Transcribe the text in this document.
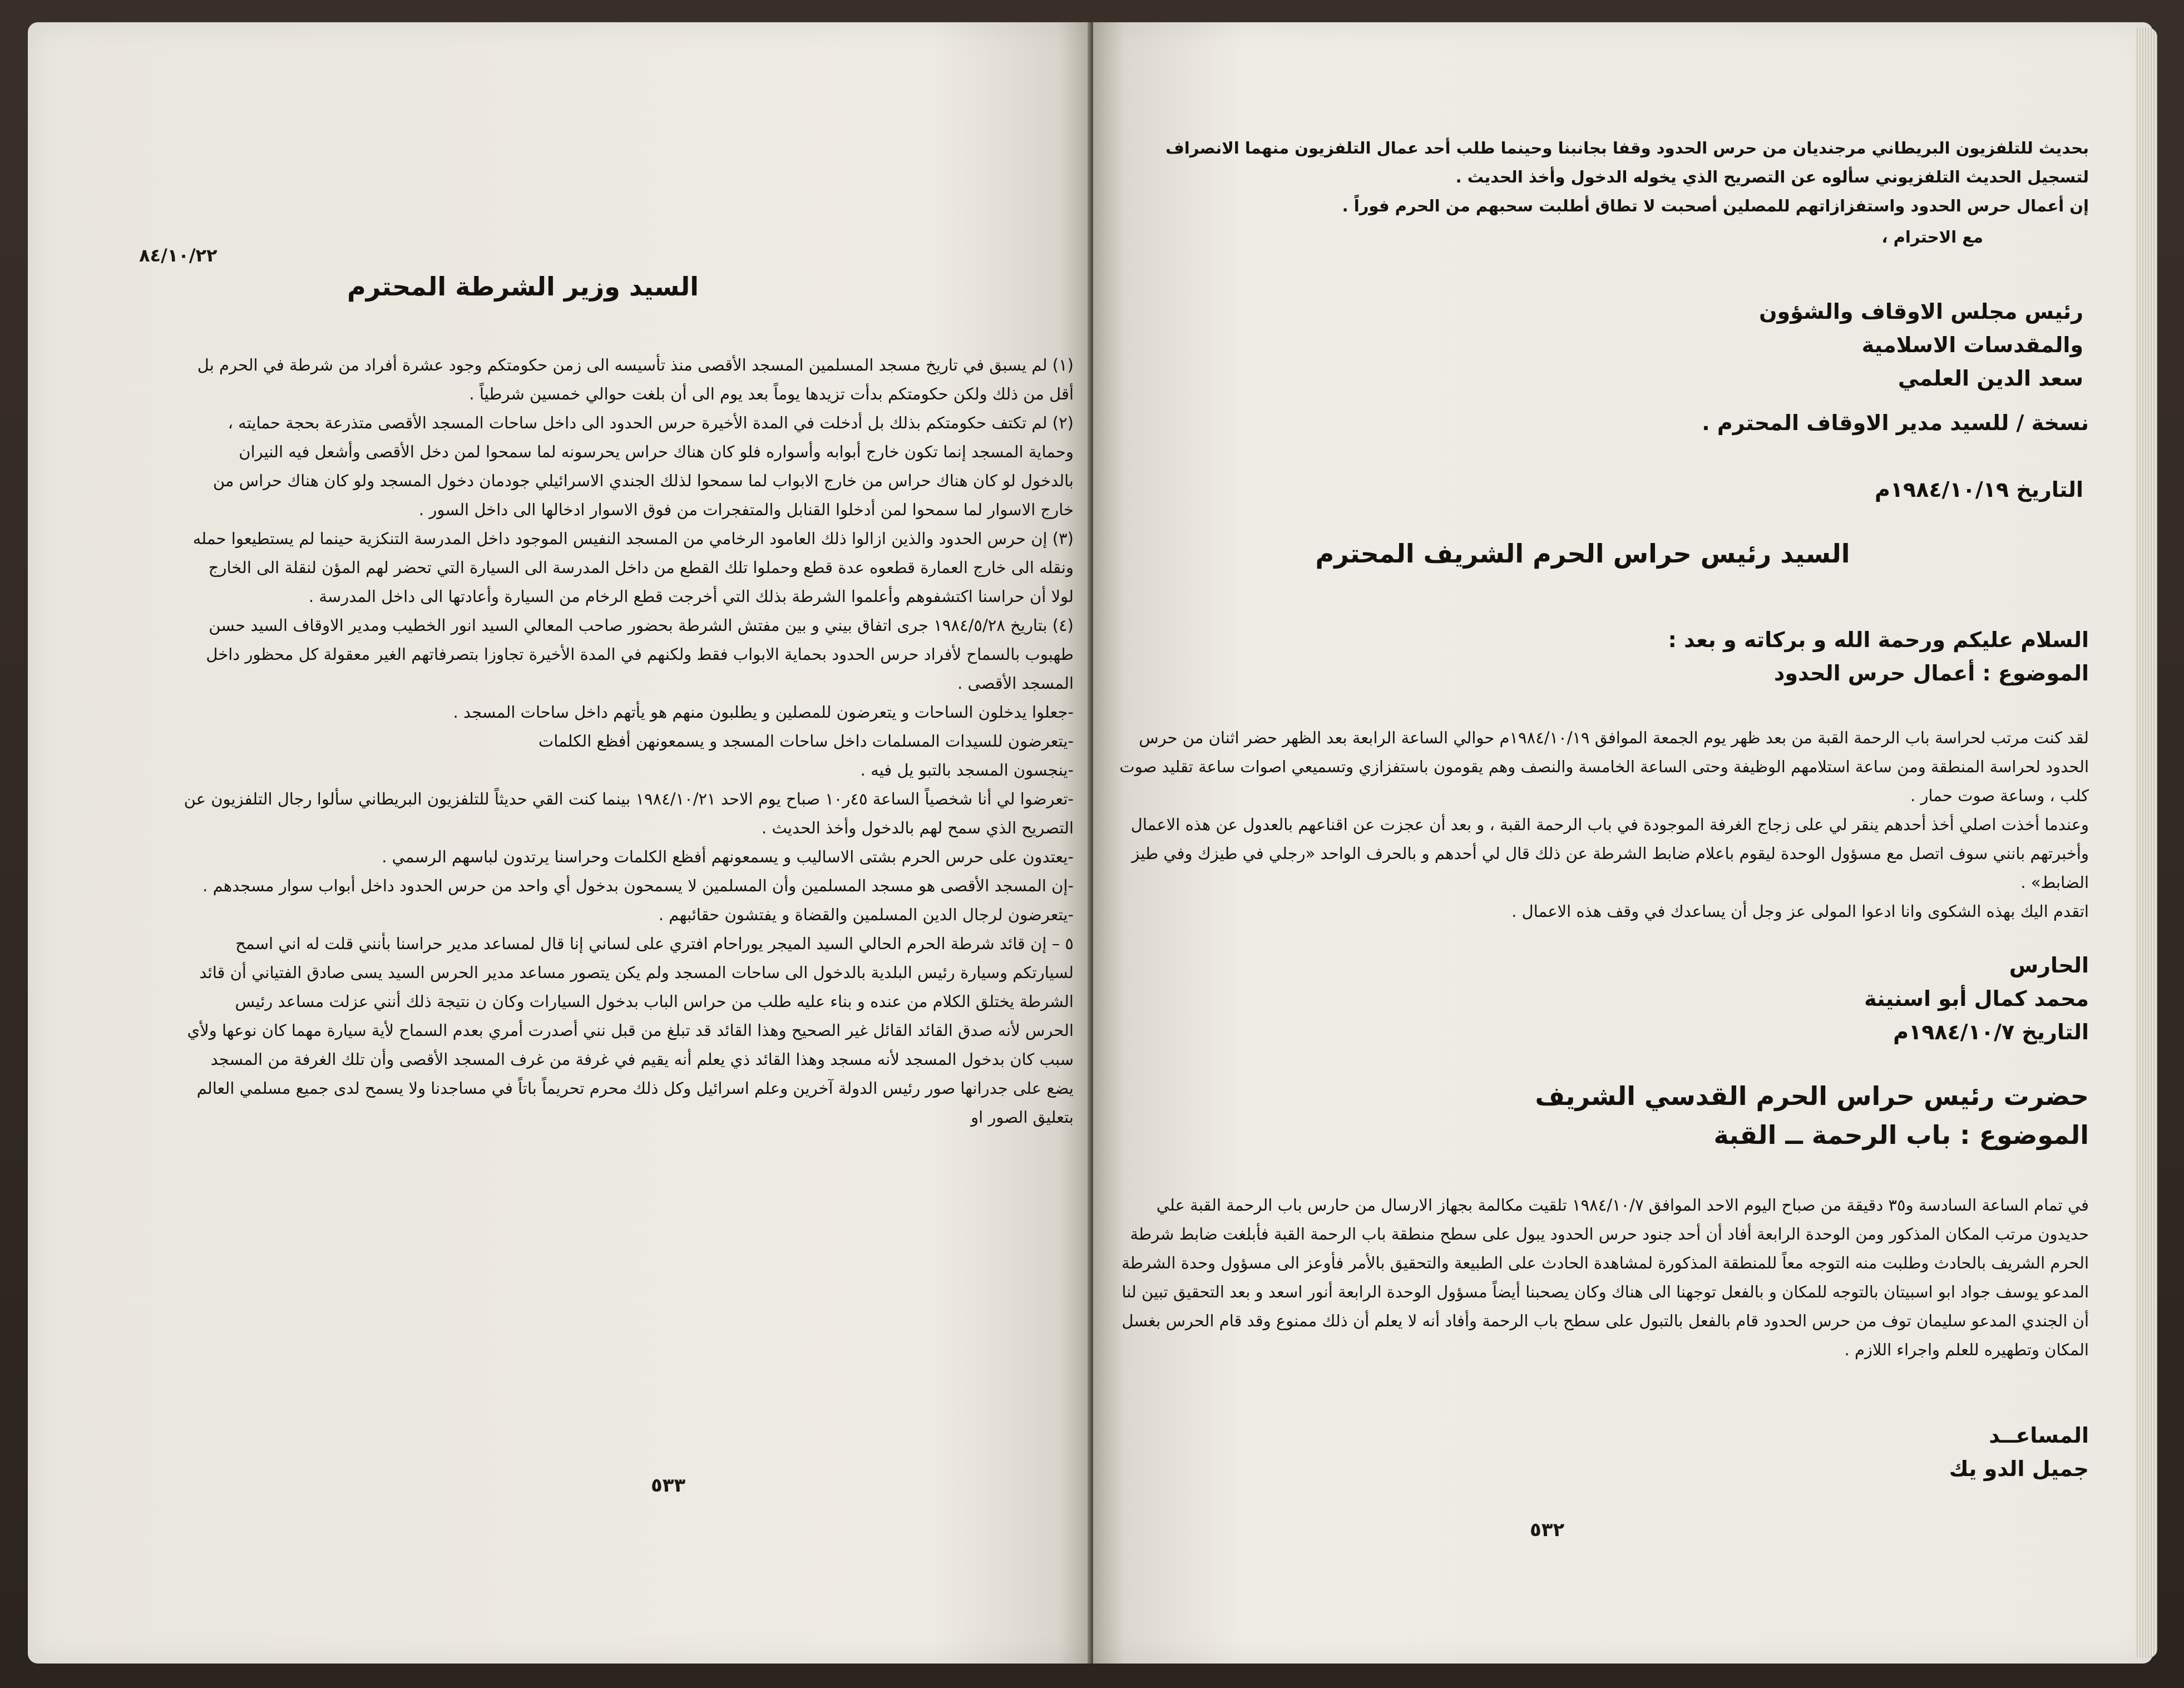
٨٤/١٠/٢٢

السيد وزير الشرطة المحترم

(١) لم يسبق في تاريخ مسجد المسلمين المسجد الأقصى منذ تأسيسه الى زمن حكومتكم وجود عشرة أفراد من شرطة في الحرم بل أقل من ذلك ولكن حكومتكم بدأت تزيدها يوماً بعد يوم الى أن بلغت حوالي خمسين شرطياً .

(٢) لم تكتف حكومتكم بذلك بل أدخلت في المدة الأخيرة حرس الحدود الى داخل ساحات المسجد الأقصى متذرعة بحجة حمايته ، وحماية المسجد إنما تكون خارج أبوابه وأسواره فلو كان هناك حراس يحرسونه لما سمحوا لمن دخل الأقصى وأشعل فيه النيران بالدخول لو كان هناك حراس من خارج الابواب لما سمحوا لذلك الجندي الاسرائيلي جودمان دخول المسجد ولو كان هناك حراس من خارج الاسوار لما سمحوا لمن أدخلوا القنابل والمتفجرات من فوق الاسوار ادخالها الى داخل السور .

(٣) إن حرس الحدود والذين ازالوا ذلك العامود الرخامي من المسجد النفيس الموجود داخل المدرسة التنكزية حينما لم يستطيعوا حمله ونقله الى خارج العمارة قطعوه عدة قطع وحملوا تلك القطع من داخل المدرسة الى السيارة التي تحضر لهم المؤن لنقلة الى الخارج لولا أن حراسنا اكتشفوهم وأعلموا الشرطة بذلك التي أخرجت قطع الرخام من السيارة وأعادتها الى داخل المدرسة .

(٤) بتاريخ ١٩٨٤/٥/٢٨ جرى اتفاق بيني و بين مفتش الشرطة بحضور صاحب المعالي السيد انور الخطيب ومدير الاوقاف السيد حسن طهبوب بالسماح لأفراد حرس الحدود بحماية الابواب فقط ولكنهم في المدة الأخيرة تجاوزا بتصرفاتهم الغير معقولة كل محظور داخل المسجد الأقصى .

-جعلوا يدخلون الساحات و يتعرضون للمصلين و يطلبون منهم هو يأتهم داخل ساحات المسجد .

-يتعرضون للسيدات المسلمات داخل ساحات المسجد و يسمعونهن أفظع الكلمات

-ينجسون المسجد بالتبو يل فيه .

-تعرضوا لي أنا شخصياً الساعة ٤٥ر١٠ صباح يوم الاحد ١٩٨٤/١٠/٢١ بينما كنت القي حديثاً للتلفزيون البريطاني سألوا رجال التلفزيون عن التصريح الذي سمح لهم بالدخول وأخذ الحديث .

-يعتدون على حرس الحرم بشتى الاساليب و يسمعونهم أفظع الكلمات وحراسنا يرتدون لباسهم الرسمي .

-إن المسجد الأقصى هو مسجد المسلمين وأن المسلمين لا يسمحون بدخول أي واحد من حرس الحدود داخل أبواب سوار مسجدهم .

-يتعرضون لرجال الدين المسلمين والقضاة و يفتشون حقائبهم .

٥ – إن قائد شرطة الحرم الحالي السيد الميجر يوراحام افتري على لساني إنا قال لمساعد مدير حراسنا بأنني قلت له اني اسمح لسيارتكم وسيارة رئيس البلدية بالدخول الى ساحات المسجد ولم يكن يتصور مساعد مدير الحرس السيد يسى صادق الفتياني أن قائد الشرطة يختلق الكلام من عنده و بناء عليه طلب من حراس الباب بدخول السيارات وكان ن نتيجة ذلك أنني عزلت مساعد رئيس الحرس لأنه صدق القائد القائل غير الصحيح وهذا القائد قد تبلغ من قبل نني أصدرت أمري بعدم السماح لأية سيارة مهما كان نوعها ولأي سبب كان بدخول المسجد لأنه مسجد وهذا القائد ذي يعلم أنه يقيم في غرفة من غرف المسجد الأقصى وأن تلك الغرفة من المسجد يضع على جدرانها صور رئيس الدولة آخرين وعلم اسرائيل وكل ذلك محرم تحريماً باتاً في مساجدنا ولا يسمح لدى جميع مسلمي العالم بتعليق الصور او

٥٣٣

بحديث للتلفزيون البريطاني مرجنديان من حرس الحدود وقفا بجانبنا وحينما طلب أحد عمال التلفزيون منهما الانصراف لتسجيل الحديث التلفزيوني سألوه عن التصريح الذي يخوله الدخول وأخذ الحديث .

إن أعمال حرس الحدود واستفزازاتهم للمصلين أصحبت لا تطاق أطلبت سحبهم من الحرم فوراً .

مع الاحترام ،

رئيس مجلس الاوقاف والشؤون

والمقدسات الاسلامية

سعد الدين العلمي

نسخة / للسيد مدير الاوقاف المحترم .

التاريخ ١٩٨٤/١٠/١٩م

السيد رئيس حراس الحرم الشريف المحترم

السلام عليكم ورحمة الله و بركاته و بعد :

الموضوع : أعمال حرس الحدود

لقد كنت مرتب لحراسة باب الرحمة القبة من بعد ظهر يوم الجمعة الموافق ١٩٨٤/١٠/١٩م حوالي الساعة الرابعة بعد الظهر حضر اثنان من حرس الحدود لحراسة المنطقة ومن ساعة استلامهم الوظيفة وحتى الساعة الخامسة والنصف وهم يقومون باستفزازي وتسميعي اصوات ساعة تقليد صوت كلب ، وساعة صوت حمار .

وعندما أخذت اصلي أخذ أحدهم ينقر لي على زجاج الغرفة الموجودة في باب الرحمة القبة ، و بعد أن عجزت عن اقناعهم بالعدول عن هذه الاعمال وأخبرتهم بانني سوف اتصل مع مسؤول الوحدة ليقوم باعلام ضابط الشرطة عن ذلك قال لي أحدهم و بالحرف الواحد «رجلي في طيزك وفي طيز الضابط» .

اتقدم اليك بهذه الشكوى وانا ادعوا المولى عز وجل أن يساعدك في وقف هذه الاعمال .

الحارس

محمد كمال أبو اسنينة

التاريخ ١٩٨٤/١٠/٧م

حضرت رئيس حراس الحرم القدسي الشريف

الموضوع : باب الرحمة ــ القبة

في تمام الساعة السادسة و٣٥ دقيقة من صباح اليوم الاحد الموافق ١٩٨٤/١٠/٧ تلقيت مكالمة بجهاز الارسال من حارس باب الرحمة القبة علي حديدون مرتب المكان المذكور ومن الوحدة الرابعة أفاد أن أحد جنود حرس الحدود يبول على سطح منطقة باب الرحمة القبة فأبلغت ضابط شرطة الحرم الشريف بالحادث وطلبت منه التوجه معاً للمنطقة المذكورة لمشاهدة الحادث على الطبيعة والتحقيق بالأمر فأوعز الى مسؤول وحدة الشرطة المدعو يوسف جواد ابو اسبيتان بالتوجه للمكان و بالفعل توجهنا الى هناك وكان يصحبنا أيضاً مسؤول الوحدة الرابعة أنور اسعد و بعد التحقيق تبين لنا أن الجندي المدعو سليمان توف من حرس الحدود قام بالفعل بالتبول على سطح باب الرحمة وأفاد أنه لا يعلم أن ذلك ممنوع وقد قام الحرس بغسل المكان وتطهيره للعلم واجراء اللازم .

المساعــد

جميل الدو يك

٥٣٢
